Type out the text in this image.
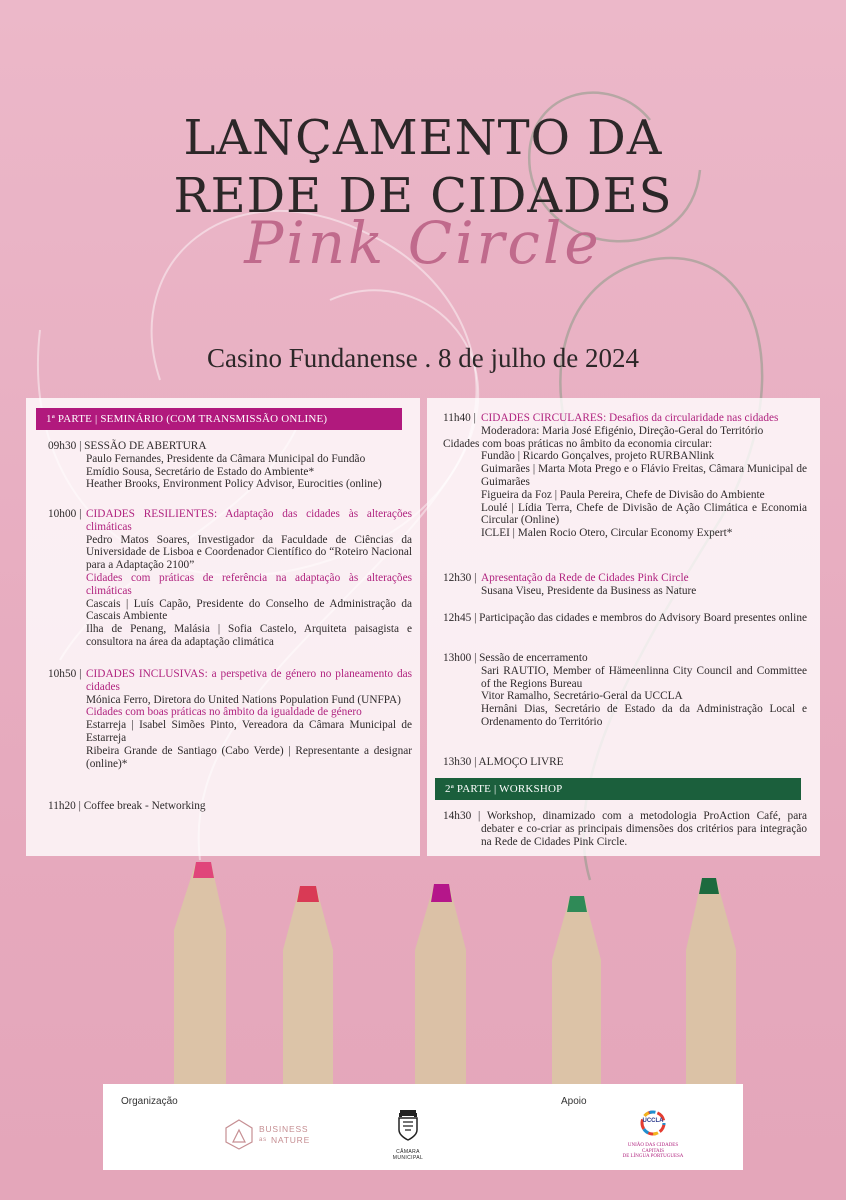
LANÇAMENTO DA
REDE DE CIDADES
Pink Circle
Casino Fundanense . 8 de julho de 2024
1ª PARTE | SEMINÁRIO (COM TRANSMISSÃO ONLINE)
09h30 | SESSÃO DE ABERTURA
Paulo Fernandes, Presidente da Câmara Municipal do Fundão
Emídio Sousa, Secretário de Estado do Ambiente*
Heather Brooks, Environment Policy Advisor, Eurocities (online)
10h00 | CIDADES RESILIENTES: Adaptação das cidades às alterações climáticas
Pedro Matos Soares, Investigador da Faculdade de Ciências da Universidade de Lisboa e Coordenador Científico do “Roteiro Nacional para a Adaptação 2100”
Cidades com práticas de referência na adaptação às alterações climáticas
Cascais | Luís Capão, Presidente do Conselho de Administração da Cascais Ambiente
Ilha de Penang, Malásia | Sofia Castelo, Arquiteta paisagista e consultora na área da adaptação climática
10h50 | CIDADES INCLUSIVAS: a perspetiva de género no planeamento das cidades
Mónica Ferro, Diretora do United Nations Population Fund (UNFPA)
Cidades com boas práticas no âmbito da igualdade de género
Estarreja | Isabel Simões Pinto, Vereadora da Câmara Municipal de Estarreja
Ribeira Grande de Santiago (Cabo Verde) | Representante a designar (online)*
11h20 | Coffee break - Networking
11h40 | CIDADES CIRCULARES: Desafios da circularidade nas cidades
Moderadora: Maria José Efigénio, Direção-Geral do Território
Cidades com boas práticas no âmbito da economia circular:
Fundão | Ricardo Gonçalves, projeto RURBANlink
Guimarães | Marta Mota Prego e o Flávio Freitas, Câmara Municipal de Guimarães
Figueira da Foz | Paula Pereira, Chefe de Divisão do Ambiente
Loulé | Lídia Terra, Chefe de Divisão de Ação Climática e Economia Circular (Online)
ICLEI | Malen Rocio Otero, Circular Economy Expert*
12h30 | Apresentação da Rede de Cidades Pink Circle
Susana Viseu, Presidente da Business as Nature
12h45 | Participação das cidades e membros do Advisory Board presentes online
13h00 | Sessão de encerramento
Sari RAUTIO, Member of Hämeenlinna City Council and Committee of the Regions Bureau
Vitor Ramalho, Secretário-Geral da UCCLA
Hernâni Dias, Secretário de Estado da da Administração Local e Ordenamento do Território
13h30 | ALMOÇO LIVRE
2ª PARTE | WORKSHOP
14h30 | Workshop, dinamizado com a metodologia ProAction Café, para debater e co-criar as principais dimensões dos critérios para integração na Rede de Cidades Pink Circle.
Organização	Apoio
BUSINESS
as NATURE
CÂMARA MUNICIPAL
UCCLA
UNIÃO DAS CIDADES CAPITAIS
DE LÍNGUA PORTUGUESA
